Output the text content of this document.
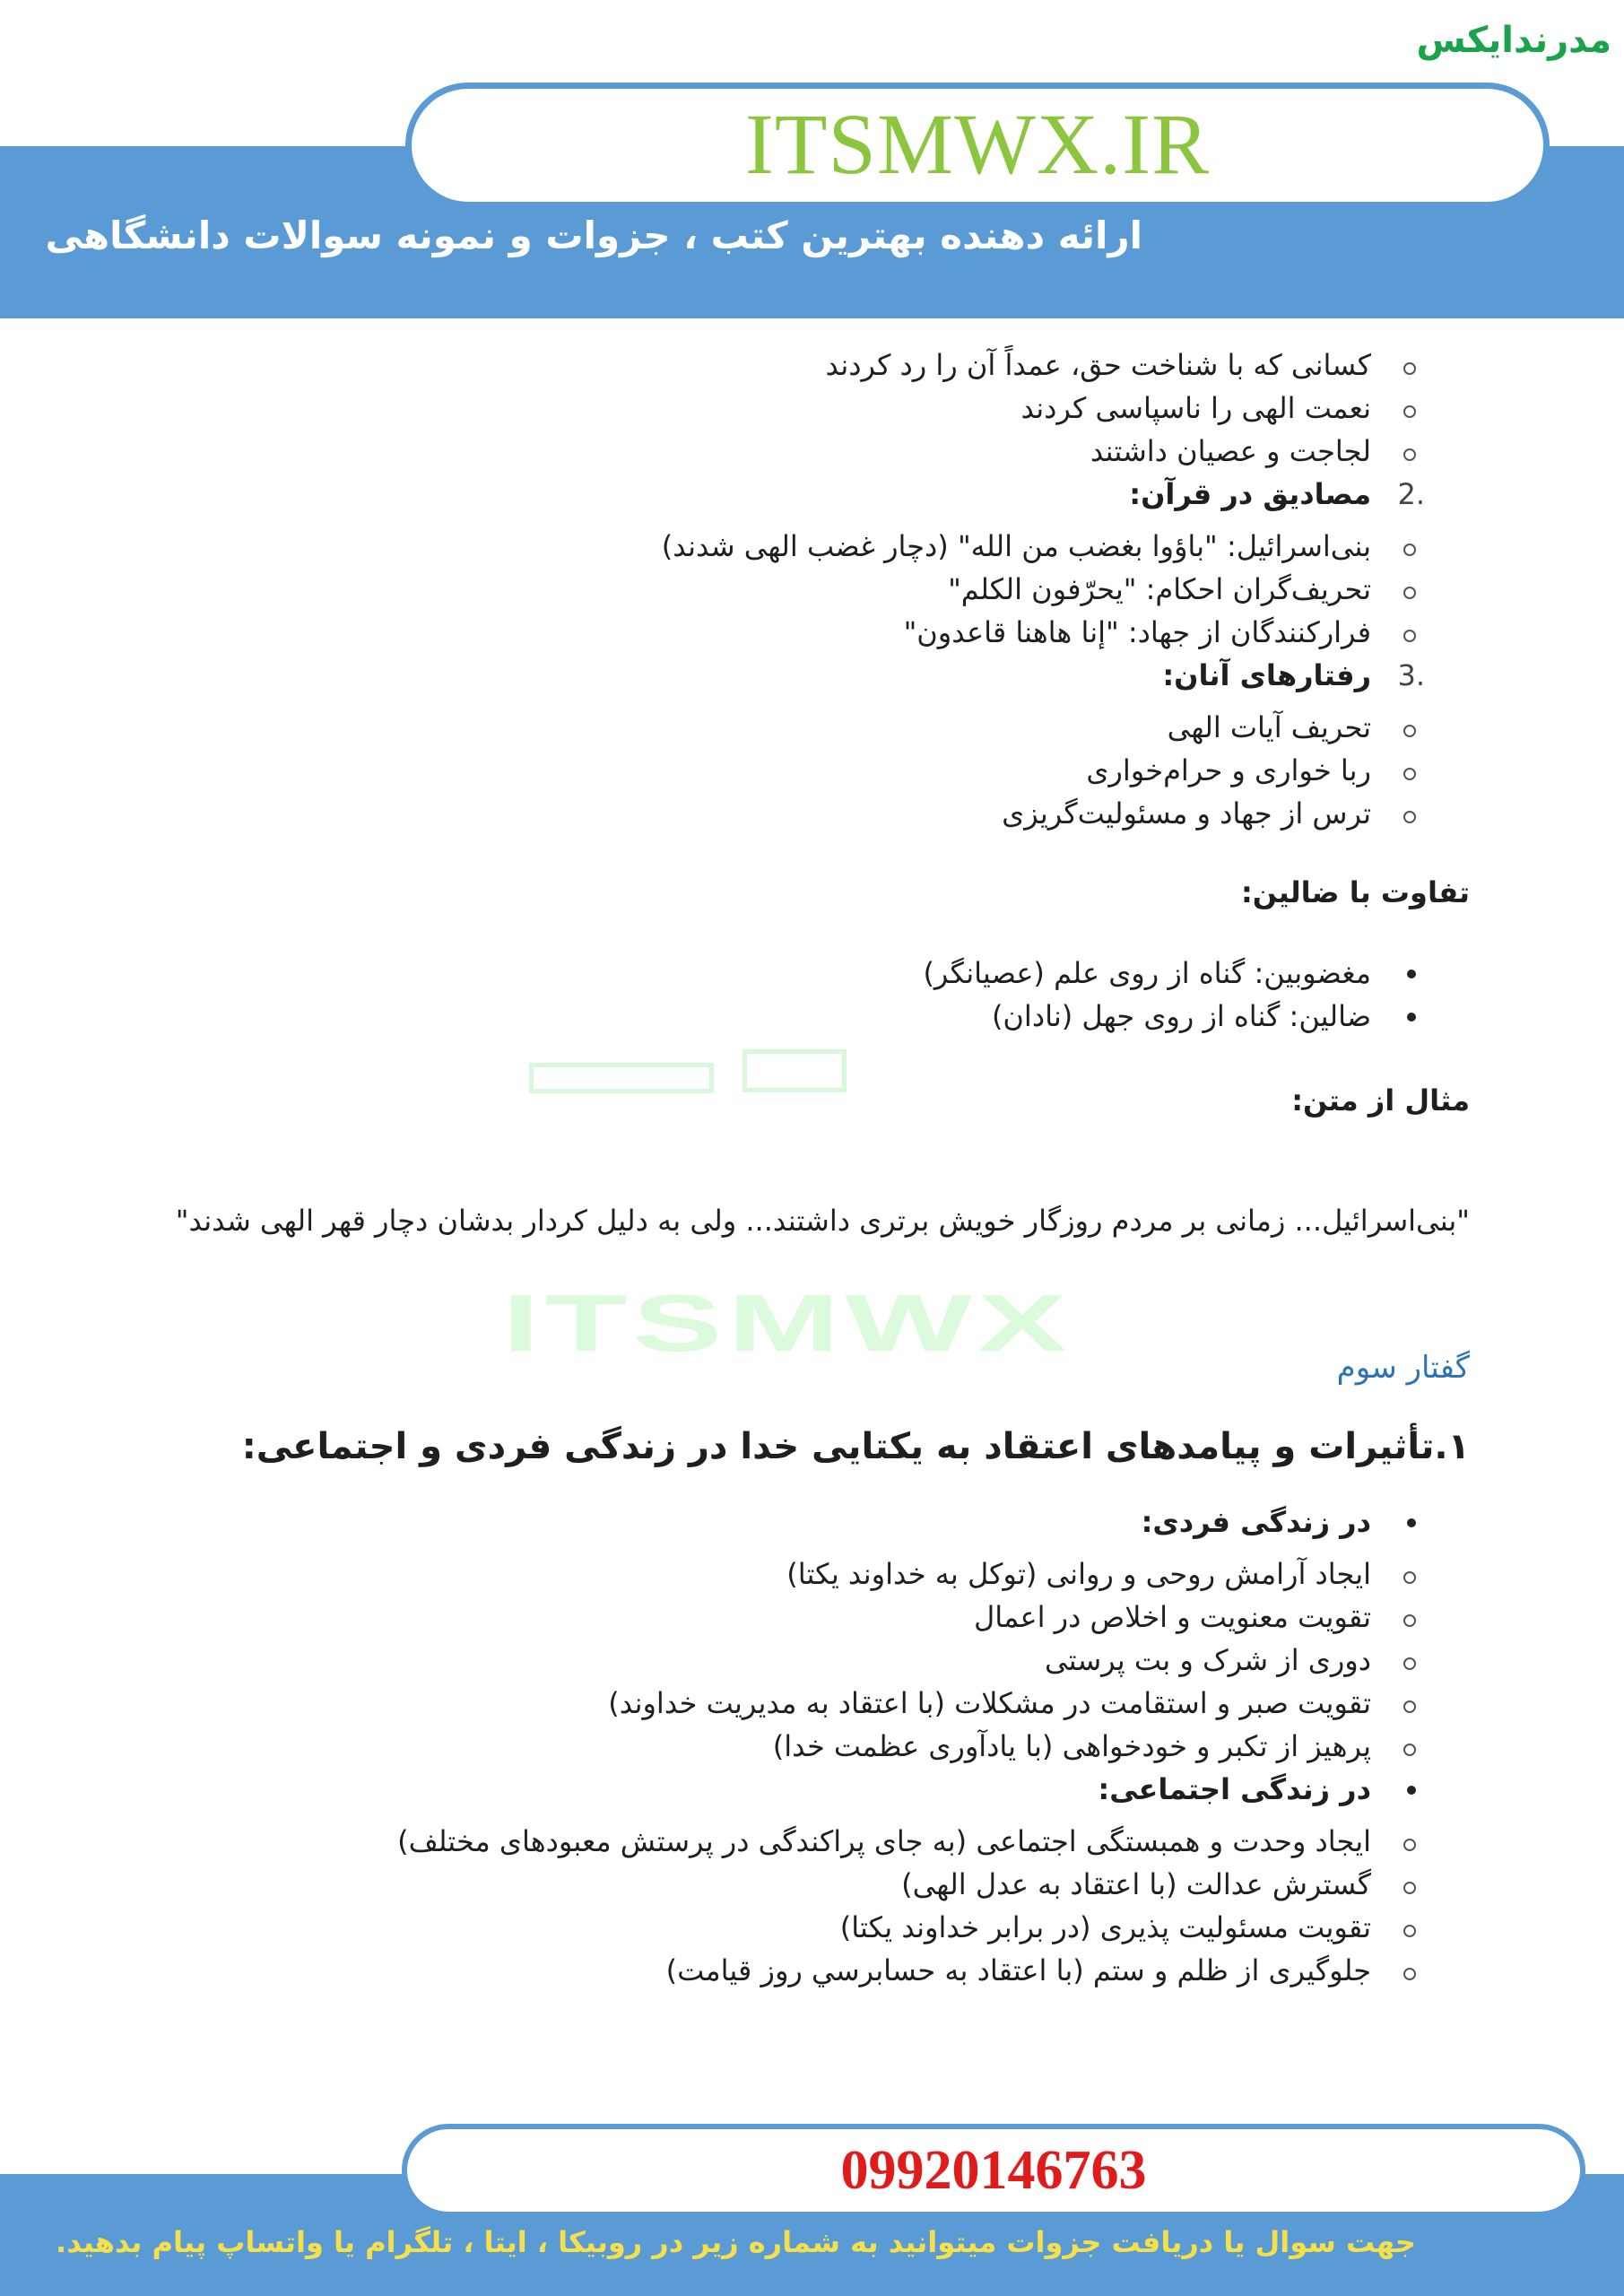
مدرندایکس
ITSMWX.IR
ارائه دهنده بهترین کتب ، جزوات و نمونه سوالات دانشگاهی
ITSMWX
کسانی که با شناخت حق، عمداً آن را رد کردند
نعمت الهی را ناسپاسی کردند
لجاجت و عصیان داشتند

2.
مصادیق در قرآن:

بنی‌اسرائیل: "باؤوا بغضب من الله" (دچار غضب الهی شدند)
تحریف‌گران احکام: "یحرّفون الکلم"
فرارکنندگان از جهاد: "إنا هاهنا قاعدون"

3.
رفتارهای آنان:

تحریف آیات الهی
ربا خواری و حرام‌خواری
ترس از جهاد و مسئولیت‌گریزی

تفاوت با ضالین:

مغضوبین: گناه از روی علم (عصیانگر)
ضالین: گناه از روی جهل (نادان)

مثال از متن:

"بنی‌اسرائیل... زمانی بر مردم روزگار خویش برتری داشتند... ولی به دلیل کردار بدشان دچار قهر الهی شدند"

گفتار سوم

۱.تأثیرات و پیامدهای اعتقاد به یکتایی خدا در زندگی فردی و اجتماعی:

در زندگی فردی:
ایجاد آرامش روحی و روانی (توکل به خداوند یکتا)
تقویت معنویت و اخلاص در اعمال
دوری از شرک و بت پرستی
تقویت صبر و استقامت در مشکلات (با اعتقاد به مدیریت خداوند)
پرهیز از تکبر و خودخواهی (با یادآوری عظمت خدا)
در زندگی اجتماعی:
ایجاد وحدت و همبستگی اجتماعی (به جای پراکندگی در پرستش معبودهای مختلف)
گسترش عدالت (با اعتقاد به عدل الهی)
تقویت مسئولیت پذیری (در برابر خداوند یکتا)
جلوگیری از ظلم و ستم (با اعتقاد به حسابرسي روز قیامت)
09920146763
جهت سوال یا دریافت جزوات میتوانید به شماره زیر در روبیکا ، ایتا ، تلگرام یا واتساپ پیام بدهید.
